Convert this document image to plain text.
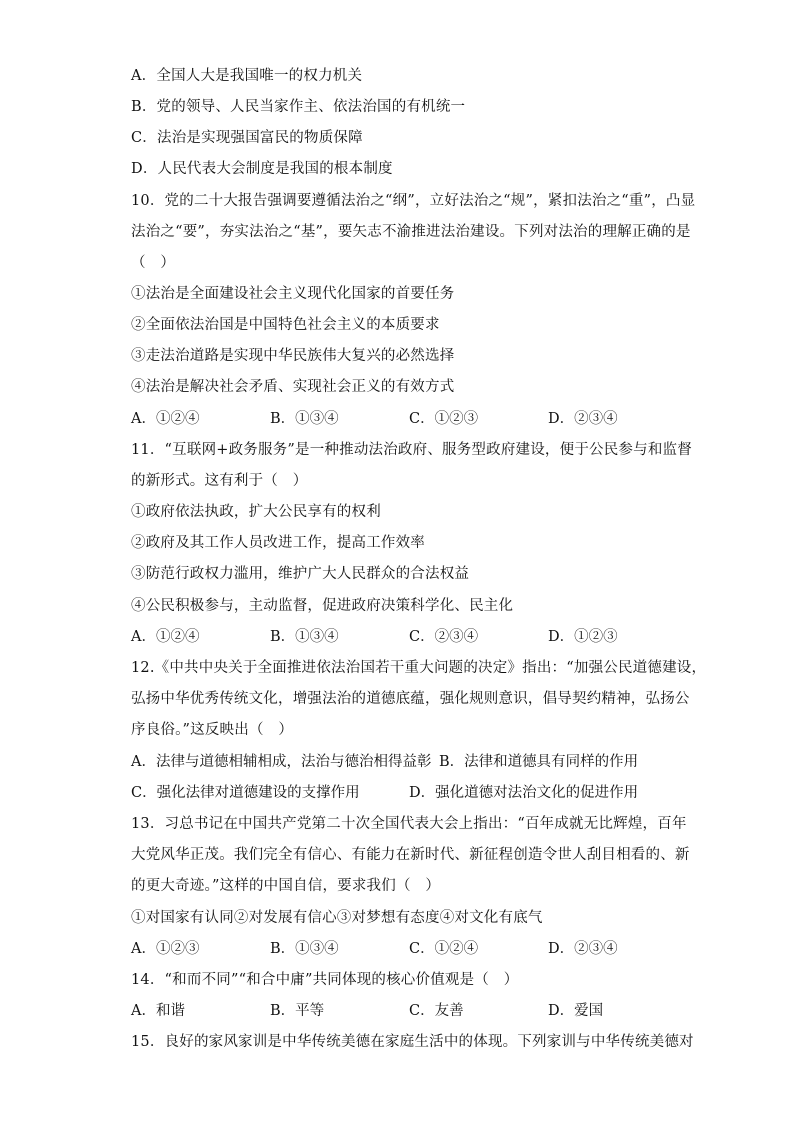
A．全国人大是我国唯一的权力机关
B．党的领导、人民当家作主、依法治国的有机统一
C．法治是实现强国富民的物质保障
D．人民代表大会制度是我国的根本制度
10．党的二十大报告强调要遵循法治之“纲”，立好法治之“规”，紧扣法治之“重”，凸显
法治之“要”，夯实法治之“基”，要矢志不渝推进法治建设。下列对法治的理解正确的是
（　）
①法治是全面建设社会主义现代化国家的首要任务
②全面依法治国是中国特色社会主义的本质要求
③走法治道路是实现中华民族伟大复兴的必然选择
④法治是解决社会矛盾、实现社会正义的有效方式
A．①②④	B．①③④	C．①②③	D．②③④
11．“互联网+政务服务”是一种推动法治政府、服务型政府建设，便于公民参与和监督
的新形式。这有利于（　）
①政府依法执政，扩大公民享有的权利
②政府及其工作人员改进工作，提高工作效率
③防范行政权力滥用，维护广大人民群众的合法权益
④公民积极参与，主动监督，促进政府决策科学化、民主化
A．①②④	B．①③④	C．②③④	D．①②③
12.《中共中央关于全面推进依法治国若干重大问题的决定》指出：“加强公民道德建设，
弘扬中华优秀传统文化，增强法治的道德底蕴，强化规则意识，倡导契约精神，弘扬公
序良俗。”这反映出（　）
A．法律与道德相辅相成，法治与德治相得益彰 B．法律和道德具有同样的作用
C．强化法律对道德建设的支撑作用	D．强化道德对法治文化的促进作用
13．习总书记在中国共产党第二十次全国代表大会上指出：“百年成就无比辉煌，百年
大党风华正茂。我们完全有信心、有能力在新时代、新征程创造令世人刮目相看的、新
的更大奇迹。”这样的中国自信，要求我们（　）
①对国家有认同②对发展有信心③对梦想有态度④对文化有底气
A．①②③	B．①③④	C．①②④	D．②③④
14．“和而不同”“和合中庸”共同体现的核心价值观是（　）
A．和谐	B．平等	C．友善	D．爱国
15．良好的家风家训是中华传统美德在家庭生活中的体现。下列家训与中华传统美德对
